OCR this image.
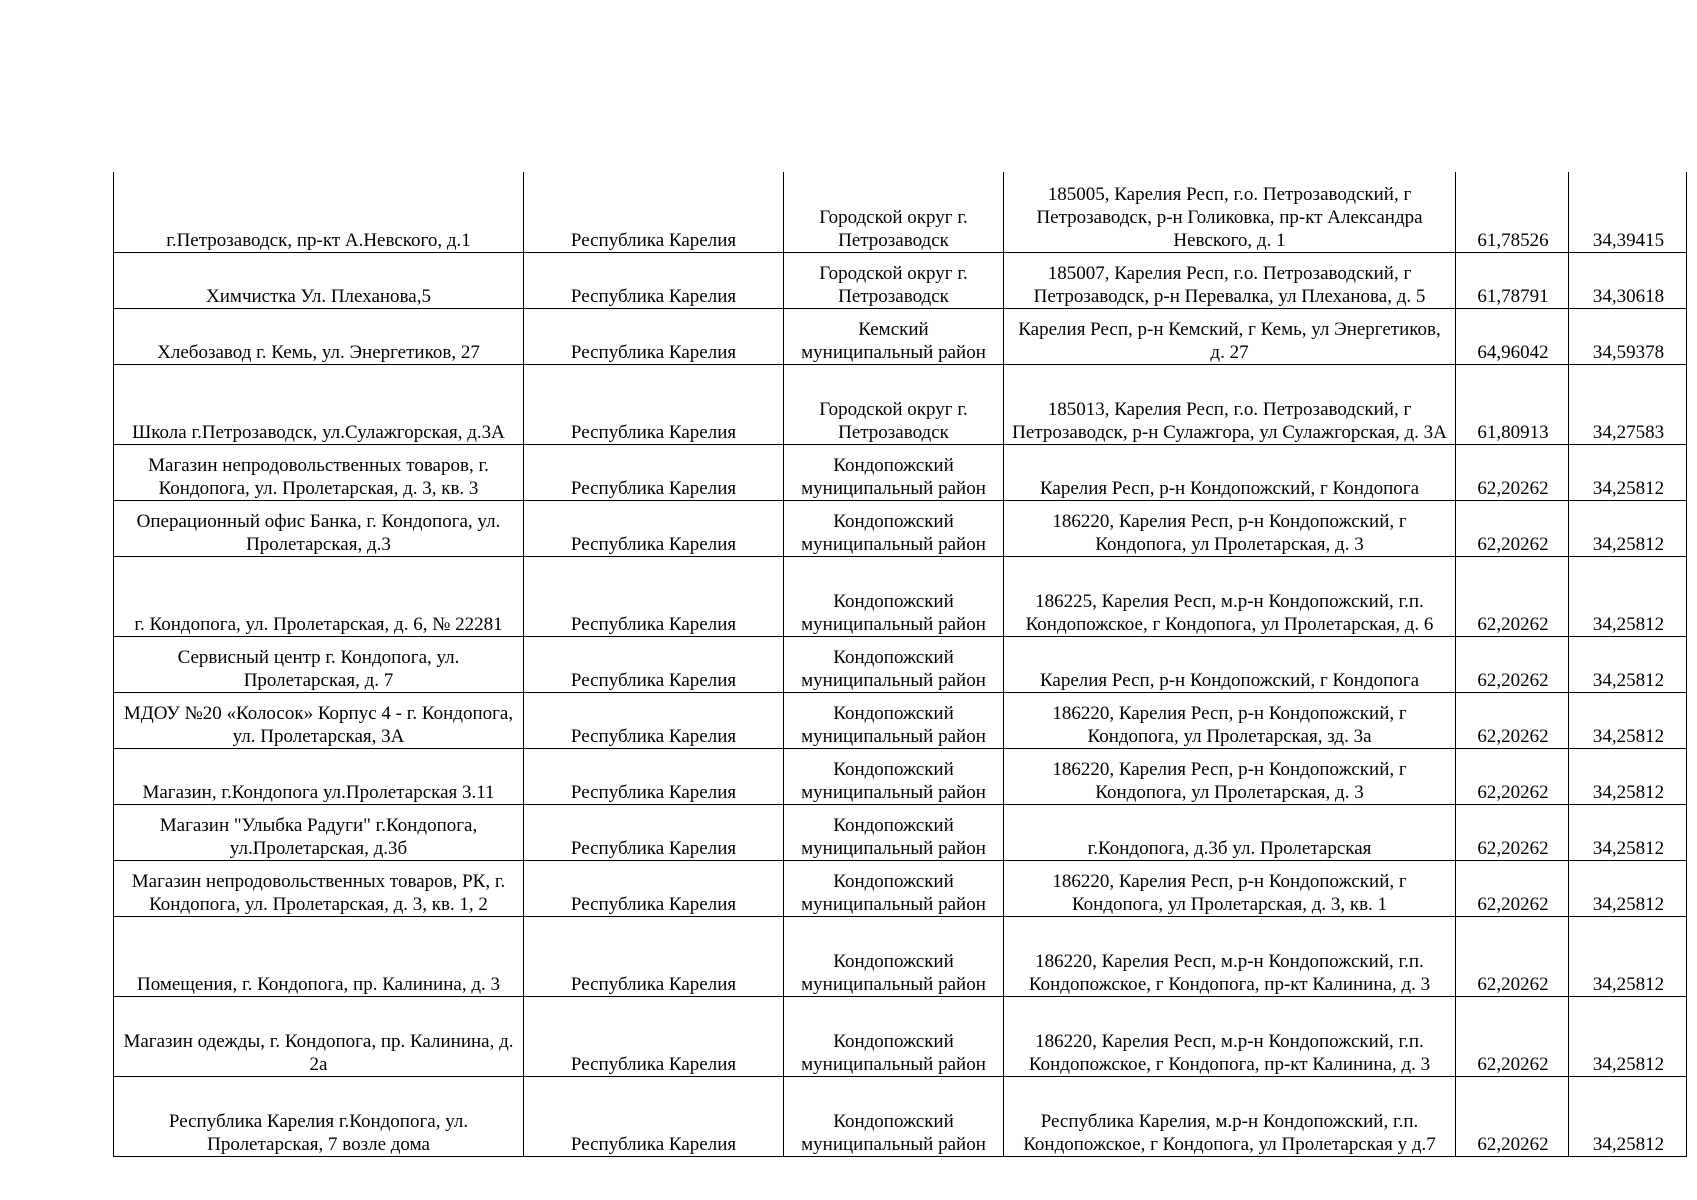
г.Петрозаводск, пр-кт А.Невского, д.1	Республика Карелия	Городской округ г. Петрозаводск	185005, Карелия Респ, г.о. Петрозаводский, г Петрозаводск, р-н Голиковка, пр-кт Александра Невского, д. 1	61,78526	34,39415
Химчистка Ул. Плеханова,5	Республика Карелия	Городской округ г. Петрозаводск	185007, Карелия Респ, г.о. Петрозаводский, г Петрозаводск, р-н Перевалка, ул Плеханова, д. 5	61,78791	34,30618
Хлебозавод г. Кемь, ул. Энергетиков, 27	Республика Карелия	Кемский муниципальный район	Карелия Респ, р-н Кемский, г Кемь, ул Энергетиков, д. 27	64,96042	34,59378
Школа г.Петрозаводск, ул.Сулажгорская, д.3А	Республика Карелия	Городской округ г. Петрозаводск	185013, Карелия Респ, г.о. Петрозаводский, г Петрозаводск, р-н Сулажгора, ул Сулажгорская, д. 3А	61,80913	34,27583
Магазин непродовольственных товаров, г. Кондопога, ул. Пролетарская, д. 3, кв. 3	Республика Карелия	Кондопожский муниципальный район	Карелия Респ, р-н Кондопожский, г Кондопога	62,20262	34,25812
Операционный офис Банка, г. Кондопога, ул. Пролетарская, д.3	Республика Карелия	Кондопожский муниципальный район	186220, Карелия Респ, р-н Кондопожский, г Кондопога, ул Пролетарская, д. 3	62,20262	34,25812
г. Кондопога, ул. Пролетарская, д. 6, № 22281	Республика Карелия	Кондопожский муниципальный район	186225, Карелия Респ, м.р-н Кондопожский, г.п. Кондопожское, г Кондопога, ул Пролетарская, д. 6	62,20262	34,25812
Сервисный центр г. Кондопога, ул. Пролетарская, д. 7	Республика Карелия	Кондопожский муниципальный район	Карелия Респ, р-н Кондопожский, г Кондопога	62,20262	34,25812
МДОУ №20 «Колосок» Корпус 4 - г. Кондопога, ул. Пролетарская, 3А	Республика Карелия	Кондопожский муниципальный район	186220, Карелия Респ, р-н Кондопожский, г Кондопога, ул Пролетарская, зд. 3а	62,20262	34,25812
Магазин, г.Кондопога ул.Пролетарская 3.11	Республика Карелия	Кондопожский муниципальный район	186220, Карелия Респ, р-н Кондопожский, г Кондопога, ул Пролетарская, д. 3	62,20262	34,25812
Магазин "Улыбка Радуги" г.Кондопога, ул.Пролетарская, д.3б	Республика Карелия	Кондопожский муниципальный район	г.Кондопога, д.3б ул. Пролетарская	62,20262	34,25812
Магазин непродовольственных товаров, РК, г. Кондопога, ул. Пролетарская, д. 3, кв. 1, 2	Республика Карелия	Кондопожский муниципальный район	186220, Карелия Респ, р-н Кондопожский, г Кондопога, ул Пролетарская, д. 3, кв. 1	62,20262	34,25812
Помещения, г. Кондопога, пр. Калинина, д. 3	Республика Карелия	Кондопожский муниципальный район	186220, Карелия Респ, м.р-н Кондопожский, г.п. Кондопожское, г Кондопога, пр-кт Калинина, д. 3	62,20262	34,25812
Магазин одежды, г. Кондопога, пр. Калинина, д. 2а	Республика Карелия	Кондопожский муниципальный район	186220, Карелия Респ, м.р-н Кондопожский, г.п. Кондопожское, г Кондопога, пр-кт Калинина, д. 3	62,20262	34,25812
Республика Карелия г.Кондопога, ул. Пролетарская, 7 возле дома	Республика Карелия	Кондопожский муниципальный район	Республика Карелия, м.р-н Кондопожский, г.п. Кондопожское, г Кондопога, ул Пролетарская у д.7	62,20262	34,25812
